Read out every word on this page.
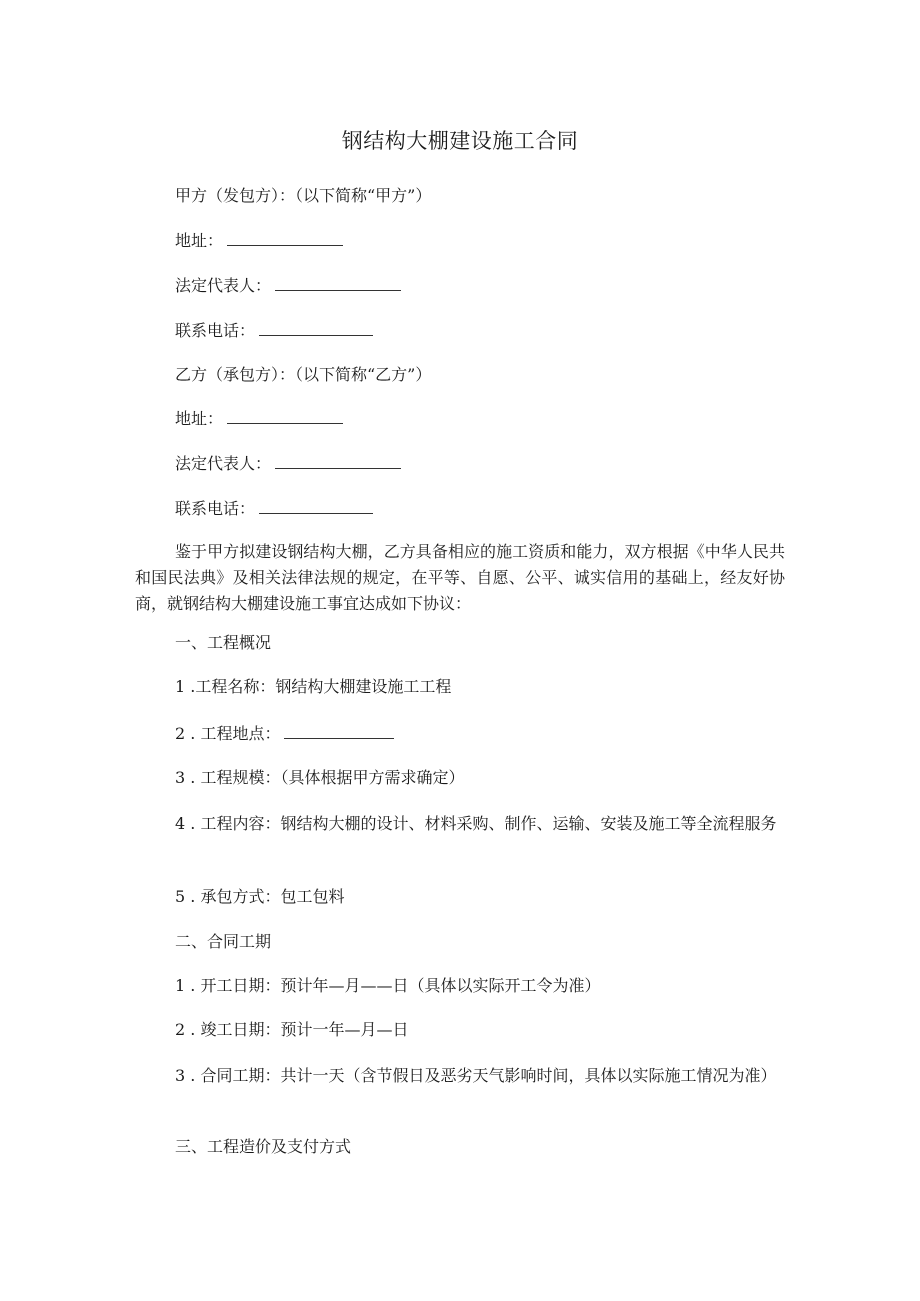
钢结构大棚建设施工合同
甲方（发包方）：（以下简称“甲方”）
地址：
法定代表人：
联系电话：
乙方（承包方）：（以下简称“乙方”）
地址：
法定代表人：
联系电话：
鉴于甲方拟建设钢结构大棚，乙方具备相应的施工资质和能力，双方根据《中华人民共和国民法典》及相关法律法规的规定，在平等、自愿、公平、诚实信用的基础上，经友好协商，就钢结构大棚建设施工事宜达成如下协议：
一、工程概况
1 .工程名称：钢结构大棚建设施工工程
2 . 工程地点：
3 . 工程规模：（具体根据甲方需求确定）
4 . 工程内容：钢结构大棚的设计、材料采购、制作、运输、安装及施工等全流程服务
5 . 承包方式：包工包料
二、合同工期
1 . 开工日期：预计年—月——日（具体以实际开工令为准）
2 . 竣工日期：预计一年—月—日
3 . 合同工期：共计一天（含节假日及恶劣天气影响时间，具体以实际施工情况为准）
三、工程造价及支付方式
